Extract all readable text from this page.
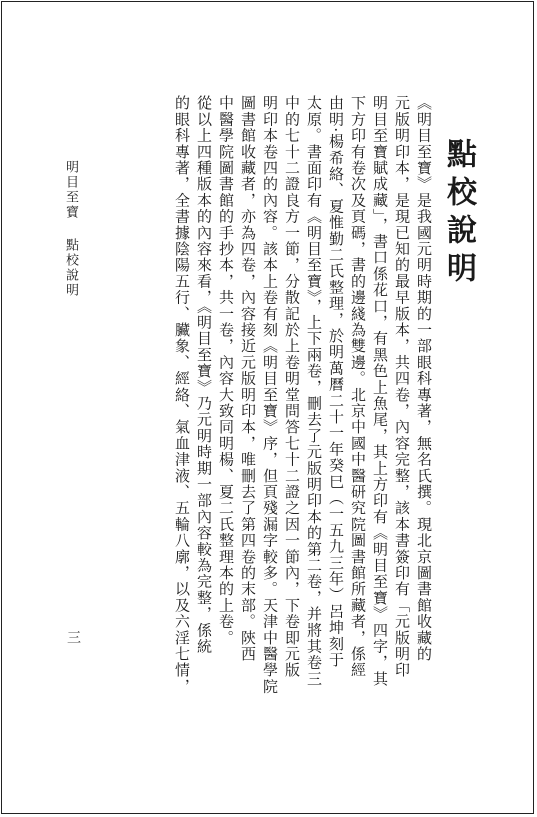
點校說明

《明目至寶》是我國元明時期的一部眼科專著，無名氏撰。現北京圖書館收藏的
元版明印本，是現已知的最早版本，共四卷，內容完整，該本書簽印有「元版明印
明目至寶賦成藏」，書口係花口，有黑色上魚尾，其上方印有《明目至寶》四字，其
下方印有卷次及頁碼，書的邊綫為雙邊。北京中國中醫研究院圖書館所藏者，係經
由明·楊希絡、夏惟勤二氏整理，於明萬曆二十一年癸巳（一五九三年）呂坤刻于
太原。書面印有《明目至寶》，上下兩卷，刪去了元版明印本的第二卷，并將其卷三
中的七十二證良方一節，分散記於上卷明堂問答七十二證之因一節內，下卷即元版
明印本卷四的內容。該本上卷有刻《明目至寶》序，但頁殘漏字較多。天津中醫學院
圖書館收藏者，亦為四卷，內容接近元版明印本，唯刪去了第四卷的末部。陝西
中醫學院圖書館的手抄本，共一卷，內容大致同明楊、夏二氏整理本的上卷。

從以上四種版本的內容來看，《明目至寶》乃元明時期一部內容較為完整，係統
的眼科專著，全書據陰陽五行、臟象、經絡、氣血津液、五輪八廓，以及六淫七情，

明目至寶點校說明
三
